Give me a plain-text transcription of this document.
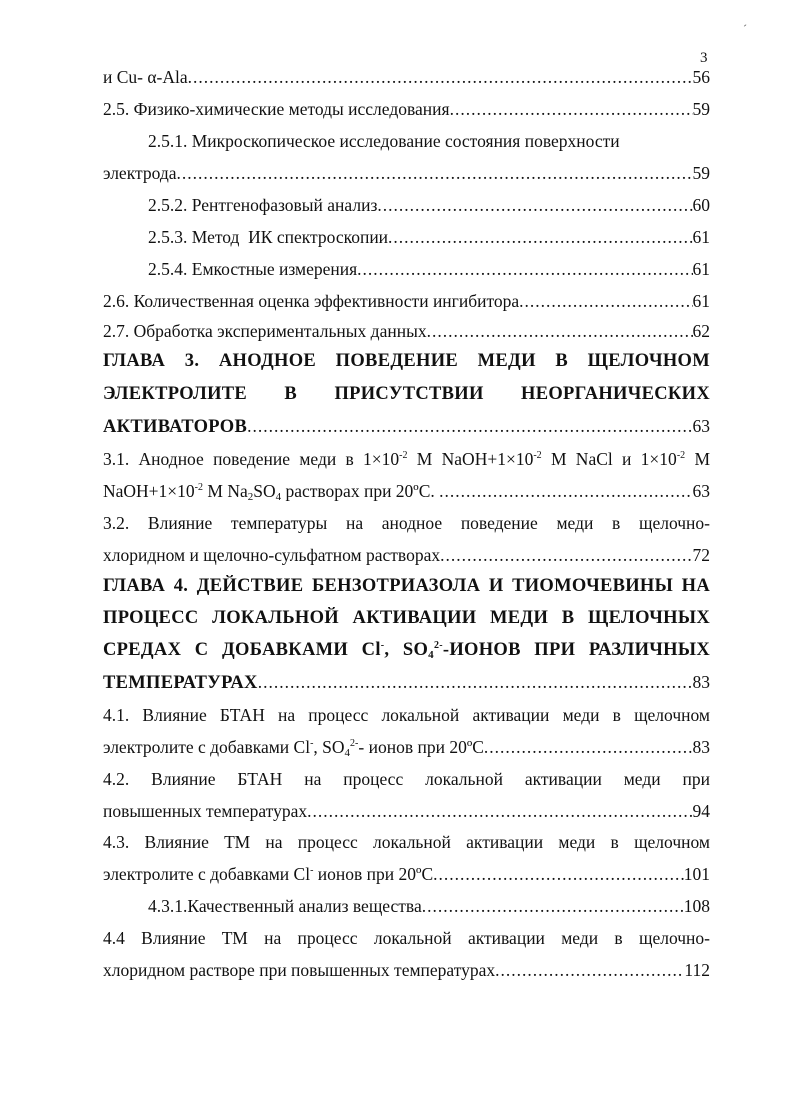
ˊ
3
и Cu- α-Ala .....	56
2.5. Физико-химические методы исследования .....	59
2.5.1. Микроскопическое исследование состояния поверхности
электрода .....	59
2.5.2. Рентгенофазовый анализ .....	60
2.5.3. Метод  ИК спектроскопии .....	61
2.5.4. Емкостные измерения .....	61
2.6. Количественная оценка эффективности ингибитора .....	61
2.7. Обработка экспериментальных данных .....	62
ГЛАВА 3. АНОДНОЕ ПОВЕДЕНИЕ МЕДИ В ЩЕЛОЧНОМ
ЭЛЕКТРОЛИТЕ В ПРИСУТСТВИИ НЕОРГАНИЧЕСКИХ
АКТИВАТОРОВ .....	63
3.1. Анодное поведение меди в $1\times 10^{-2}$ М $NaOH+1\times 10^{-2}$ М NaCl и $1\times 10^{-2}$ М
$NaOH+1\times 10^{-2}$ M $Na_2SO_4$ растворах при 20ºС. .....	63
3.2. Влияние температуры на анодное поведение меди в щелочно-
хлоридном и щелочно-сульфатном растворах .....	72
ГЛАВА 4. ДЕЙСТВИЕ БЕНЗОТРИАЗОЛА И ТИОМОЧЕВИНЫ НА
ПРОЦЕСС ЛОКАЛЬНОЙ АКТИВАЦИИ МЕДИ В ЩЕЛОЧНЫХ
СРЕДАХ С ДОБАВКАМИ Cl-, $SO_4^{2-}$-ИОНОВ ПРИ РАЗЛИЧНЫХ
ТЕМПЕРАТУРАХ .....	83
4.1. Влияние БТАН на процесс локальной активации меди в щелочном
электролите с добавками Cl-, $SO_4^{2-}-$ ионов при 20ºС .....	83
4.2. Влияние БТАН на процесс локальной активации меди при
повышенных температурах .....	94
4.3. Влияние ТМ на процесс локальной активации меди в щелочном
электролите с добавками Cl- ионов при 20ºС .....	101
4.3.1.Качественный анализ вещества .....	108
4.4 Влияние ТМ на процесс локальной активации меди в щелочно-
хлоридном растворе при повышенных температурах .....	112
